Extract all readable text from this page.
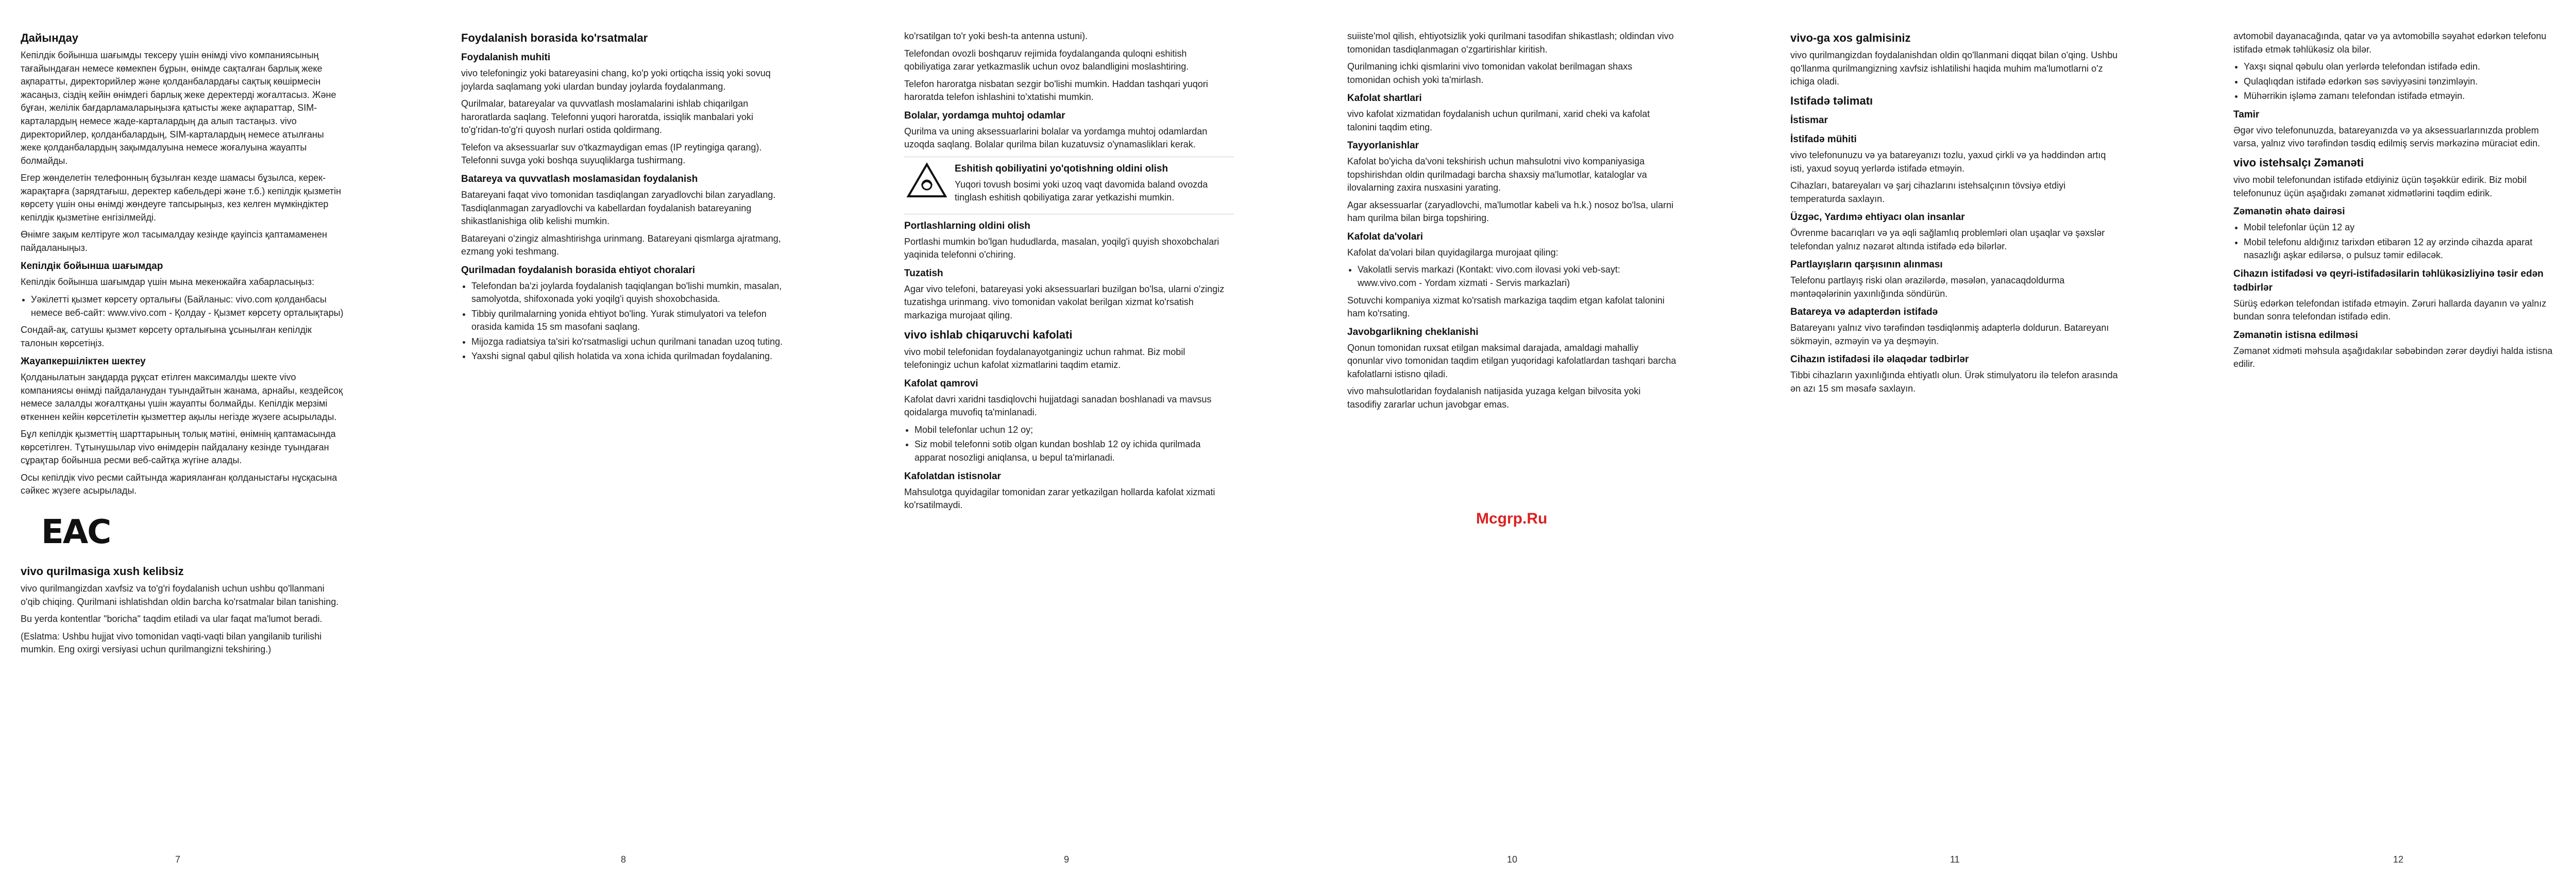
Дайындау

Кепілдік бойынша шағымды тексеру үшін өнімді vivo компаниясының тағайындаған немесе көмекпен бұрын, өнімде сақталған барлық жеке ақпаратты, директорийлер және қолданбалардағы сақтық көшірмесін жасаңыз, сіздің кейін өнімдегі барлық жеке деректерді жоғалтасыз. Және бұған, желілік бағдарламаларыңызға қатысты жеке ақпараттар, SIM-карталардың немесе жаде-карталардың да алып тастаңыз. vivo директорийлер, қолданбалардың, SIM-карталардың немесе атылғаны жеке қолданбалардың зақымдалуына немесе жоғалуына жауапты болмайды.

Егер жөнделетін телефонның бұзылған кезде шамасы бұзылса, керек-жарақтарға (зарядтағыш, деректер кабельдері және т.б.) кепілдік қызметін көрсету үшін оны өнімді жөндеуге тапсырыңыз, кез келген мүмкіндіктер кепілдік қызметіне енгізілмейді.

Өнімге зақым келтіруге жол тасымалдау кезінде қауіпсіз қаптамаменен пайдаланыңыз.

Кепілдік бойынша шағымдар

Кепілдік бойынша шағымдар үшін мына мекенжайға хабарласыңыз:

• Уәкілетті қызмет көрсету орталығы (Байланыс: vivo.com қолданбасы немесе веб-сайт: www.vivo.com - Қолдау - Қызмет көрсету орталықтары)

Сондай-ақ, сатушы қызмет көрсету орталығына ұсынылған кепілдік талонын көрсетіңіз.

Жауапкершіліктен шектеу

Қолданылатын заңдарда рұқсат етілген максималды шекте vivo компаниясы өнімді пайдаланудан туындайтын жанама, арнайы, кездейсоқ немесе залалды жоғалтқаны үшін жауапты болмайды. Кепілдік мерзімі өткеннен кейін көрсетілетін қызметтер ақылы негізде жүзеге асырылады.

Бұл кепілдік қызметтің шарттарының толық мәтіні, өнімнің қаптамасында көрсетілген. Тұтынушылар vivo өнімдерін пайдалану кезінде туындаған сұрақтар бойынша ресми веб-сайтқа жүгіне алады.

Осы кепілдік vivo ресми сайтында жарияланған қолданыстағы нұсқасына сәйкес жүзеге асырылады.

EAC
vivo qurilmasiga xush kelibsiz

vivo qurilmangizdan xavfsiz va to'g'ri foydalanish uchun ushbu qo'llanmani o'qib chiqing. Qurilmani ishlatishdan oldin barcha ko'rsatmalar bilan tanishing.

Bu yerda kontentlar "boricha" taqdim etiladi va ular faqat ma'lumot beradi.

(Eslatma: Ushbu hujjat vivo tomonidan vaqti-vaqti bilan yangilanib turilishi mumkin. Eng oxirgi versiyasi uchun qurilmangizni tekshiring.)

7
Foydalanish borasida ko'rsatmalar
Foydalanish muhiti

vivo telefoningiz yoki batareyasini chang, ko'p yoki ortiqcha issiq yoki sovuq joylarda saqlamang yoki ulardan bunday joylarda foydalanmang.

Qurilmalar, batareyalar va quvvatlash moslamalarini ishlab chiqarilgan haroratlarda saqlang. Telefonni yuqori haroratda, issiqlik manbalari yoki to'g'ridan-to'g'ri quyosh nurlari ostida qoldirmang.

Telefon va aksessuarlar suv o'tkazmaydigan emas (IP reytingiga qarang). Telefonni suvga yoki boshqa suyuqliklarga tushirmang.

Batareya va quvvatlash moslamasidan foydalanish

Batareyani faqat vivo tomonidan tasdiqlangan zaryadlovchi bilan zaryadlang. Tasdiqlanmagan zaryadlovchi va kabellardan foydalanish batareyaning shikastlanishiga olib kelishi mumkin.

Batareyani o'zingiz almashtirishga urinmang. Batareyani qismlarga ajratmang, ezmang yoki teshmang.

Qurilmadan foydalanish borasida ehtiyot choralari
• Telefondan ba'zi joylarda foydalanish taqiqlangan bo'lishi mumkin, masalan, samolyotda, shifoxonada yoki yoqilg'i quyish shoxobchasida.
• Tibbiy qurilmalarning yonida ehtiyot bo'ling. Yurak stimulyatori va telefon orasida kamida 15 sm masofani saqlang.
• Mijozga radiatsiya ta'siri ko'rsatmasligi uchun qurilmani tanadan uzoq tuting.
• Yaxshi signal qabul qilish holatida va xona ichida qurilmadan foydalaning.
8

ko'rsatilgan to'r yoki besh-ta antenna ustuni).

Telefondan ovozli boshqaruv rejimida foydalanganda quloqni eshitish qobiliyatiga zarar yetkazmaslik uchun ovoz balandligini moslashtiring.

Telefon haroratga nisbatan sezgir bo'lishi mumkin. Haddan tashqari yuqori haroratda telefon ishlashini to'xtatishi mumkin.

Bolalar, yordamga muhtoj odamlar

Qurilma va uning aksessuarlarini bolalar va yordamga muhtoj odamlardan uzoqda saqlang. Bolalar qurilma bilan kuzatuvsiz o'ynamasliklari kerak.

Eshitish qobiliyatini yo'qotishning oldini olish

Yuqori tovush bosimi yoki uzoq vaqt davomida baland ovozda tinglash eshitish qobiliyatiga zarar yetkazishi mumkin.

Portlashlarning oldini olish

Portlashi mumkin bo'lgan hududlarda, masalan, yoqilg'i quyish shoxobchalari yaqinida telefonni o'chiring.

Tuzatish

Agar vivo telefoni, batareyasi yoki aksessuarlari buzilgan bo'lsa, ularni o'zingiz tuzatishga urinmang. vivo tomonidan vakolat berilgan xizmat ko'rsatish markaziga murojaat qiling.

vivo ishlab chiqaruvchi kafolati

vivo mobil telefonidan foydalanayotganingiz uchun rahmat. Biz mobil telefoningiz uchun kafolat xizmatlarini taqdim etamiz.

Kafolat qamrovi

Kafolat davri xaridni tasdiqlovchi hujjatdagi sanadan boshlanadi va mavsus qoidalarga muvofiq ta'minlanadi.

• Mobil telefonlar uchun 12 oy;
• Siz mobil telefonni sotib olgan kundan boshlab 12 oy ichida qurilmada apparat nosozligi aniqlansa, u bepul ta'mirlanadi.
Kafolatdan istisnolar

Mahsulotga quyidagilar tomonidan zarar yetkazilgan hollarda kafolat xizmati ko'rsatilmaydi.

9

suiiste'mol qilish, ehtiyotsizlik yoki qurilmani tasodifan shikastlash; oldindan vivo tomonidan tasdiqlanmagan o'zgartirishlar kiritish.

Qurilmaning ichki qismlarini vivo tomonidan vakolat berilmagan shaxs tomonidan ochish yoki ta'mirlash.

Kafolat shartlari

vivo kafolat xizmatidan foydalanish uchun qurilmani, xarid cheki va kafolat talonini taqdim eting.

Tayyorlanishlar

Kafolat bo'yicha da'voni tekshirish uchun mahsulotni vivo kompaniyasiga topshirishdan oldin qurilmadagi barcha shaxsiy ma'lumotlar, kataloglar va ilovalarning zaxira nusxasini yarating.

Agar aksessuarlar (zaryadlovchi, ma'lumotlar kabeli va h.k.) nosoz bo'lsa, ularni ham qurilma bilan birga topshiring.

Kafolat da'volari

Kafolat da'volari bilan quyidagilarga murojaat qiling:

• Vakolatli servis markazi (Kontakt: vivo.com ilovasi yoki veb-sayt: www.vivo.com - Yordam xizmati - Servis markazlari)

Sotuvchi kompaniya xizmat ko'rsatish markaziga taqdim etgan kafolat talonini ham ko'rsating.

Javobgarlikning cheklanishi

Qonun tomonidan ruxsat etilgan maksimal darajada, amaldagi mahalliy qonunlar vivo tomonidan taqdim etilgan yuqoridagi kafolatlardan tashqari barcha kafolatlarni istisno qiladi.

vivo mahsulotlaridan foydalanish natijasida yuzaga kelgan bilvosita yoki tasodifiy zararlar uchun javobgar emas.

10
Mcgrp.Ru
vivo-ga xos galmisiniz

vivo qurilmangizdan foydalanishdan oldin qo'llanmani diqqat bilan o'qing. Ushbu qo'llanma qurilmangizning xavfsiz ishlatilishi haqida muhim ma'lumotlarni o'z ichiga oladi.

Istifadə təlimatı
İstismar
İstifadə mühiti

vivo telefonunuzu və ya batareyanızı tozlu, yaxud çirkli və ya həddindən artıq isti, yaxud soyuq yerlərdə istifadə etməyin.

Cihazları, batareyaları və şarj cihazlarını istehsalçının tövsiyə etdiyi temperaturda saxlayın.

Üzgəc, Yardımə ehtiyacı olan insanlar

Övrenme bacarıqları və ya əqli sağlamlıq problemləri olan uşaqlar və şəxslər telefondan yalnız nəzarət altında istifadə edə bilərlər.

Partlayışların qarşısının alınması

Telefonu partlayış riski olan ərazilərdə, məsələn, yanacaqdoldurma məntəqələrinin yaxınlığında söndürün.

Batareya və adapterdən istifadə

Batareyanı yalnız vivo tərəfindən təsdiqlənmiş adapterlə doldurun. Batareyanı sökməyin, əzməyin və ya deşməyin.

Cihazın istifadəsi ilə əlaqədar tədbirlər

Tibbi cihazların yaxınlığında ehtiyatlı olun. Ürək stimulyatoru ilə telefon arasında ən azı 15 sm məsafə saxlayın.

11

avtomobil dayanacağında, qatar və ya avtomobillə səyahət edərkən telefonu istifadə etmək təhlükəsiz ola bilər.

• Yaxşı siqnal qəbulu olan yerlərdə telefondan istifadə edin.
• Qulaqlıqdan istifadə edərkən səs səviyyəsini tənzimləyin.
• Mühərrikin işləmə zamanı telefondan istifadə etməyin.
Tamir

Əgər vivo telefonunuzda, batareyanızda və ya aksessuarlarınızda problem varsa, yalnız vivo tərəfindən təsdiq edilmiş servis mərkəzinə müraciət edin.

vivo istehsalçı Zəmanəti

vivo mobil telefonundan istifadə etdiyiniz üçün təşəkkür edirik. Biz mobil telefonunuz üçün aşağıdakı zəmanət xidmətlərini təqdim edirik.

Zəmanətin əhatə dairəsi
• Mobil telefonlar üçün 12 ay
• Mobil telefonu aldığınız tarixdən etibarən 12 ay ərzində cihazda aparat nasazlığı aşkar edilərsə, o pulsuz təmir ediləcək.
Cihazın istifadəsi və qeyri-istifadəsilarin təhlükəsizliyinə təsir edən tədbirlər

Sürüş edərkən telefondan istifadə etməyin. Zəruri hallarda dayanın və yalnız bundan sonra telefondan istifadə edin.

Zəmanətin istisna edilməsi

Zəmanət xidməti məhsula aşağıdakılar səbəbindən zərər dəydiyi halda istisna edilir.

12
